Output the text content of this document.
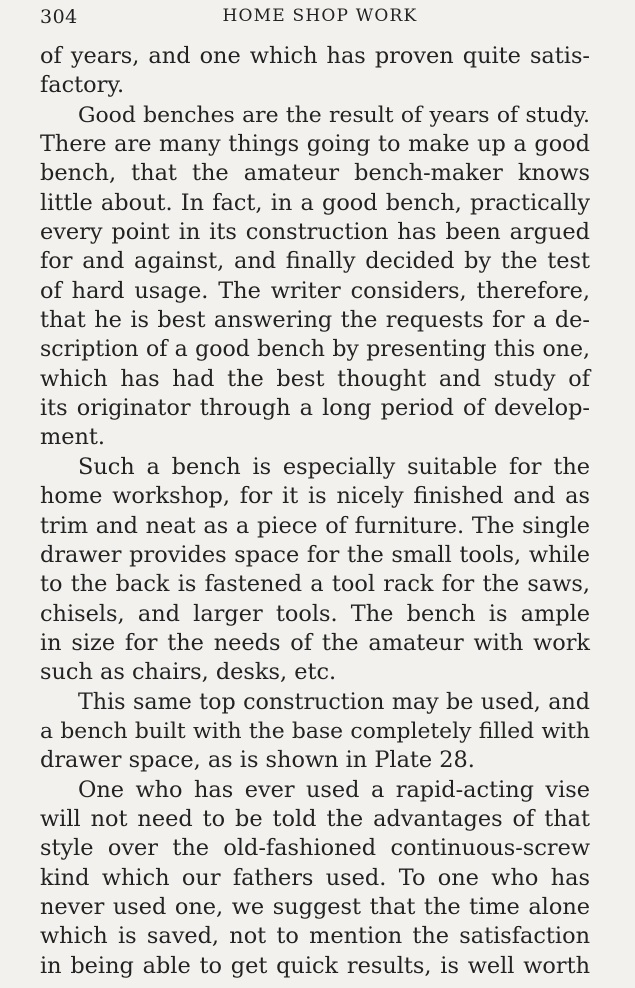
304	HOME SHOP WORK
of years, and one which has proven quite satis-
factory.
Good benches are the result of years of study.
There are many things going to make up a good
bench, that the amateur bench-maker knows
little about. In fact, in a good bench, practically
every point in its construction has been argued
for and against, and finally decided by the test
of hard usage. The writer considers, therefore,
that he is best answering the requests for a de-
scription of a good bench by presenting this one,
which has had the best thought and study of
its originator through a long period of develop-
ment.
Such a bench is especially suitable for the
home workshop, for it is nicely finished and as
trim and neat as a piece of furniture. The single
drawer provides space for the small tools, while
to the back is fastened a tool rack for the saws,
chisels, and larger tools. The bench is ample
in size for the needs of the amateur with work
such as chairs, desks, etc.
This same top construction may be used, and
a bench built with the base completely filled with
drawer space, as is shown in Plate 28.
One who has ever used a rapid-acting vise
will not need to be told the advantages of that
style over the old-fashioned continuous-screw
kind which our fathers used. To one who has
never used one, we suggest that the time alone
which is saved, not to mention the satisfaction
in being able to get quick results, is well worth
